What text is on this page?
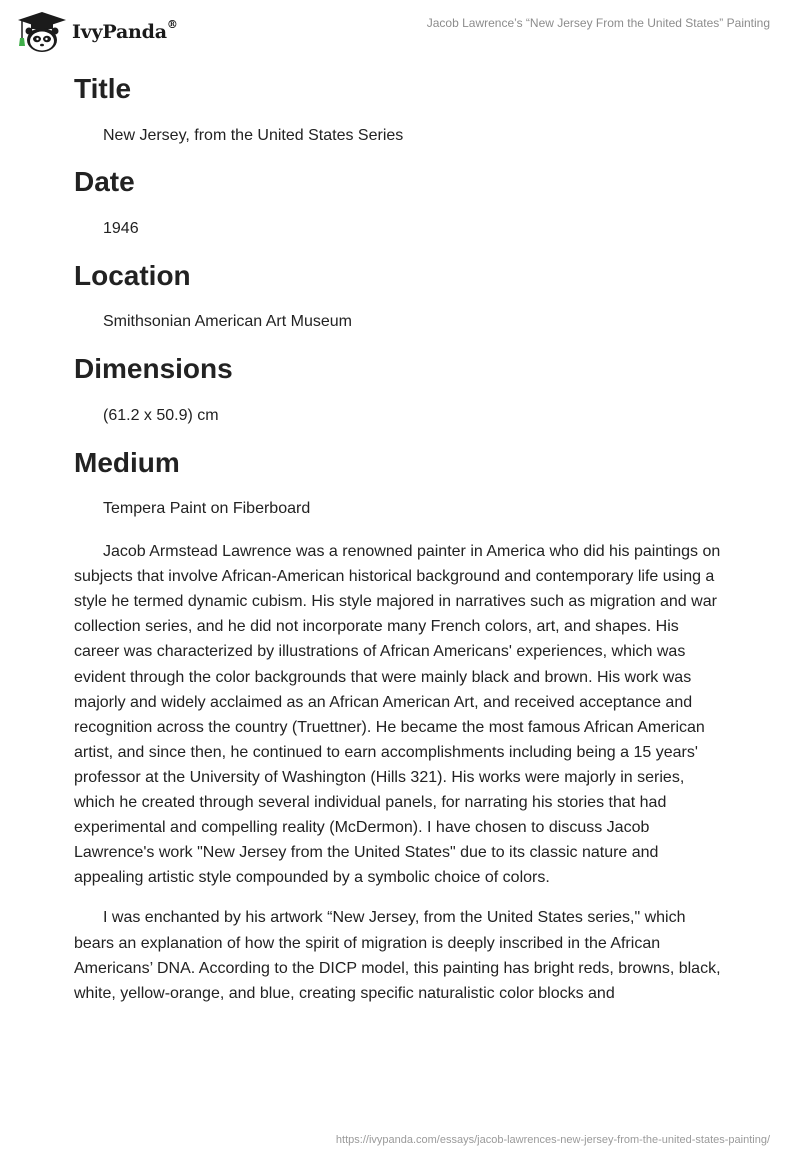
IvyPanda®	Jacob Lawrence’s “New Jersey From the United States” Painting
Title
New Jersey, from the United States Series
Date
1946
Location
Smithsonian American Art Museum
Dimensions
(61.2 x 50.9) cm
Medium
Tempera Paint on Fiberboard

Jacob Armstead Lawrence was a renowned painter in America who did his paintings on subjects that involve African-American historical background and contemporary life using a style he termed dynamic cubism. His style majored in narratives such as migration and war collection series, and he did not incorporate many French colors, art, and shapes. His career was characterized by illustrations of African Americans' experiences, which was evident through the color backgrounds that were mainly black and brown. His work was majorly and widely acclaimed as an African American Art, and received acceptance and recognition across the country (Truettner). He became the most famous African American artist, and since then, he continued to earn accomplishments including being a 15 years' professor at the University of Washington (Hills 321). His works were majorly in series, which he created through several individual panels, for narrating his stories that had experimental and compelling reality (McDermon). I have chosen to discuss Jacob Lawrence's work "New Jersey from the United States" due to its classic nature and appealing artistic style compounded by a symbolic choice of colors.

I was enchanted by his artwork “New Jersey, from the United States series," which bears an explanation of how the spirit of migration is deeply inscribed in the African Americans’ DNA. According to the DICP model, this painting has bright reds, browns, black, white, yellow-orange, and blue, creating specific naturalistic color blocks and

https://ivypanda.com/essays/jacob-lawrences-new-jersey-from-the-united-states-painting/
